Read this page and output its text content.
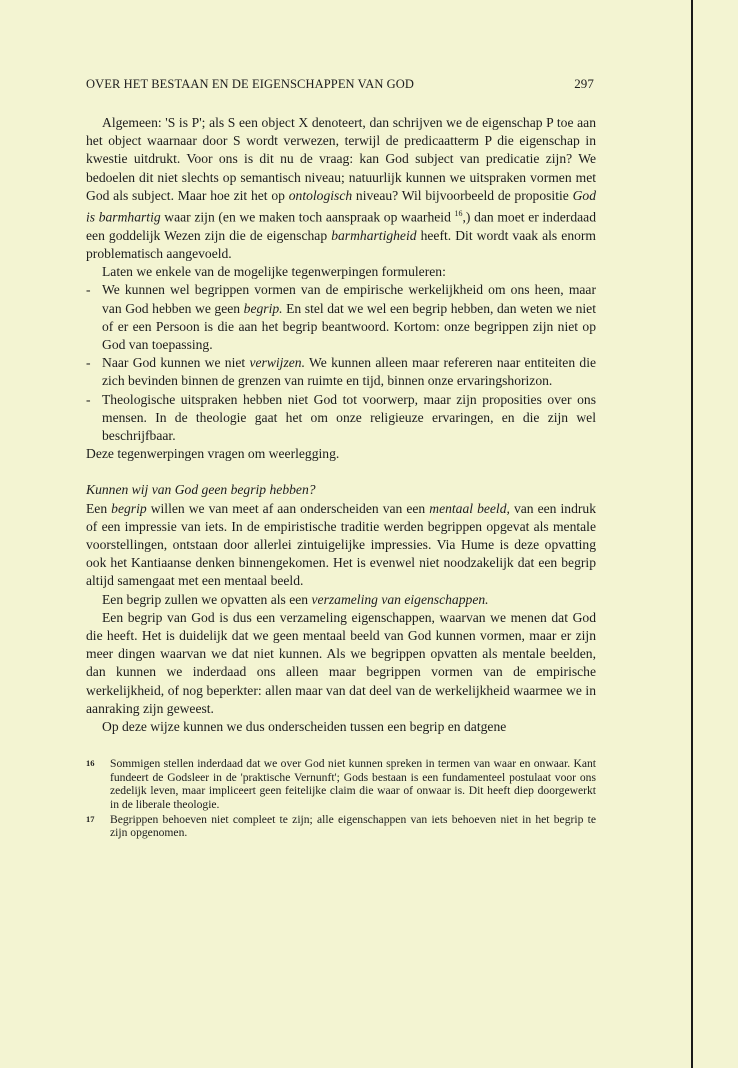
OVER HET BESTAAN EN DE EIGENSCHAPPEN VAN GOD	297

Algemeen: 'S is P'; als S een object X denoteert, dan schrijven we de eigenschap P toe aan het object waarnaar door S wordt verwezen, terwijl de predicaatterm P die eigenschap in kwestie uitdrukt. Voor ons is dit nu de vraag: kan God subject van predicatie zijn? We bedoelen dit niet slechts op semantisch niveau; natuurlijk kunnen we uitspraken vormen met God als subject. Maar hoe zit het op ontologisch niveau? Wil bijvoorbeeld de propositie God is barmhartig waar zijn (en we maken toch aanspraak op waarheid $^{16}$,) dan moet er inderdaad een goddelijk Wezen zijn die de eigenschap barmhartigheid heeft. Dit wordt vaak als enorm problematisch aangevoeld.

Laten we enkele van de mogelijke tegenwerpingen formuleren:

- We kunnen wel begrippen vormen van de empirische werkelijkheid om ons heen, maar van God hebben we geen begrip. En stel dat we wel een begrip hebben, dan weten we niet of er een Persoon is die aan het begrip beantwoord. Kortom: onze begrippen zijn niet op God van toepassing.
- Naar God kunnen we niet verwijzen. We kunnen alleen maar refereren naar entiteiten die zich bevinden binnen de grenzen van ruimte en tijd, binnen onze ervaringshorizon.
- Theologische uitspraken hebben niet God tot voorwerp, maar zijn proposities over ons mensen. In de theologie gaat het om onze religieuze ervaringen, en die zijn wel beschrijfbaar.

Deze tegenwerpingen vragen om weerlegging.

Kunnen wij van God geen begrip hebben?

Een begrip willen we van meet af aan onderscheiden van een mentaal beeld, van een indruk of een impressie van iets. In de empiristische traditie werden begrippen opgevat als mentale voorstellingen, ontstaan door allerlei zintuigelijke impressies. Via Hume is deze opvatting ook het Kantiaanse denken binnengekomen. Het is evenwel niet noodzakelijk dat een begrip altijd samengaat met een mentaal beeld.

Een begrip zullen we opvatten als een verzameling van eigenschappen.

Een begrip van God is dus een verzameling eigenschappen, waarvan we menen dat God die heeft. Het is duidelijk dat we geen mentaal beeld van God kunnen vormen, maar er zijn meer dingen waarvan we dat niet kunnen. Als we begrippen opvatten als mentale beelden, dan kunnen we inderdaad ons alleen maar begrippen vormen van de empirische werkelijkheid, of nog beperkter: allen maar van dat deel van de werkelijkheid waarmee we in aanraking zijn geweest.

Op deze wijze kunnen we dus onderscheiden tussen een begrip en datgene

16 Sommigen stellen inderdaad dat we over God niet kunnen spreken in termen van waar en onwaar. Kant fundeert de Godsleer in de 'praktische Vernunft'; Gods bestaan is een fundamenteel postulaat voor ons zedelijk leven, maar impliceert geen feitelijke claim die waar of onwaar is. Dit heeft diep doorgewerkt in de liberale theologie.

17 Begrippen behoeven niet compleet te zijn; alle eigenschappen van iets behoeven niet in het begrip te zijn opgenomen.
